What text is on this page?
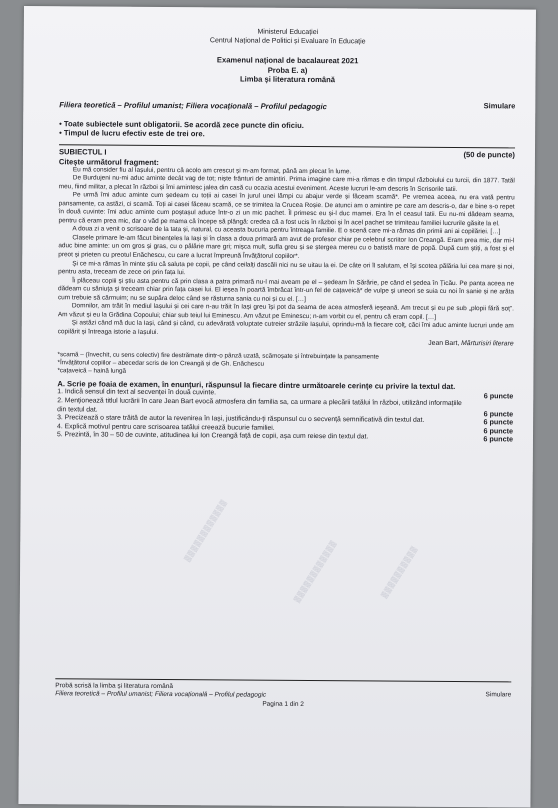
Ministerul Educației
Centrul Național de Politici și Evaluare în Educație
Examenul național de bacalaureat 2021
Proba E. a)
Limba și literatura română
Simulare
Filiera teoretică – Profilul umanist; Filiera vocațională – Profilul pedagogic
• Toate subiectele sunt obligatorii. Se acordă zece puncte din oficiu.
• Timpul de lucru efectiv este de trei ore.
SUBIECTUL I	(50 de puncte)
Citește următorul fragment:

Eu mă consider fiu al Iașului, pentru că acolo am crescut și m-am format, până am plecat în lume.

De Burdujeni nu-mi aduc aminte decât vag de tot; niște frânturi de amintiri. Prima imagine care mi-a rămas e din timpul războiului cu turcii, din 1877. Tatăl meu, fiind militar, a plecat în război și îmi amintesc jalea din casă cu ocazia acestui eveniment. Aceste lucruri le-am descris în Scrisorile tatii.

Pe urmă îmi aduc aminte cum ședeam cu toții ai casei în jurul unei lămpi cu abajur verde și făceam scamă*. Pe vremea aceea, nu era vată pentru pansamente, ca astăzi, ci scamă. Toți ai casei făceau scamă, ce se trimitea la Crucea Roșie. De atunci am o amintire pe care am descris-o, dar e bine s-o repet în două cuvinte: îmi aduc aminte cum poștașul aduce într-o zi un mic pachet. Îl primesc eu și-l duc mamei. Era în el ceasul tatii. Eu nu-mi dădeam seama, pentru că eram prea mic, dar o văd pe mama că începe să plângă: credea că a fost ucis în război și în acel pachet se trimiteau familiei lucrurile găsite la el.

A doua zi a venit o scrisoare de la tata și, natural, cu aceasta bucuria pentru întreaga familie. E o scenă care mi-a rămas din primii ani ai copilăriei. […]

Clasele primare le-am făcut binențeles la Iași și în clasa a doua primară am avut de profesor chiar pe celebrul scriitor Ion Creangă. Eram prea mic, dar mi-l aduc bine aminte: un om gros și gras, cu o pălărie mare gri; mișca mult, sufla greu și se ștergea mereu cu o batistă mare de popă. După cum știți, a fost și el preot și prieten cu preotul Enăchescu, cu care a lucrat împreună Învățătorul copiilor*.

Și ce mi-a rămas în minte știu că saluta pe copii, pe când ceilalți dascăli nici nu se uitau la ei. De câte ori îl salutam, el își scotea pălăria lui cea mare și noi, pentru asta, treceam de zece ori prin fața lui.

Îi plăceau copiii și știu asta pentru că prin clasa a patra primară nu-l mai aveam pe el – ședeam în Sărărie, pe când el ședea în Țicău. Pe panta aceea ne dădeam cu săniuța și treceam chiar prin fața casei lui. El ieșea în poartă îmbrăcat într-un fel de cațaveică* de vulpe și uneori se suia cu noi în sanie și ne arăta cum trebuie să cârmuim; nu se supăra deloc când se răsturna sania cu noi și cu el. […]

Domnilor, am trăit în mediul lașului și cei care n-au trăit în Iași greu își pot da seama de acea atmosferă ieșeană. Am trecut și eu pe sub „plopii fără soț”. Am văzut și eu la Grădina Copoului; chiar sub teiul lui Eminescu. Am văzut pe Eminescu; n-am vorbit cu el, pentru că eram copil. […]

Și astăzi când mă duc la Iași, când și când, cu adevărată voluptate cutreier străzile Iașului, oprindu-mă la fiecare colț, căci îmi aduc aminte lucruri unde am copilărit și întreaga istorie a Iașului.

Jean Bart, Mărturisiri literare
*scamă – (învechit, cu sens colectiv) fire destrămate dintr-o pânză uzată, scămoșate și întrebuințate la pansamente
*Învățătorul copiilor – abecedar scris de Ion Creangă și de Gh. Enăchescu
*cațaveică – haină lungă
A. Scrie pe foaia de examen, în enunțuri, răspunsul la fiecare dintre următoarele cerințe cu privire la textul dat.
1. Indică sensul din text al secvenței în două cuvinte.	6 puncte
2. Menționează titlul lucrării în care Jean Bart evocă atmosfera din familia sa, ca urmare a plecării tatălui în război, utilizând informațiile din textul dat.	6 puncte
3. Precizează o stare trăită de autor la revenirea în Iași, justificându-ți răspunsul cu o secvență semnificativă din textul dat.	6 puncte
4. Explică motivul pentru care scrisoarea tatălui creează bucurie familiei.	6 puncte
5. Prezintă, în 30 – 50 de cuvinte, atitudinea lui Ion Creangă față de copii, așa cum reiese din textul dat.	6 puncte
Probă scrisă la limba și literatura română
Filiera teoretică – Profilul umanist; Filiera vocațională – Profilul pedagogic	Simulare
Pagina 1 din 2
▒▒▒▒▒▒▒▒▒▒▒▒
▒▒▒▒▒▒▒▒▒▒▒▒	▒▒▒▒▒▒▒▒▒▒
